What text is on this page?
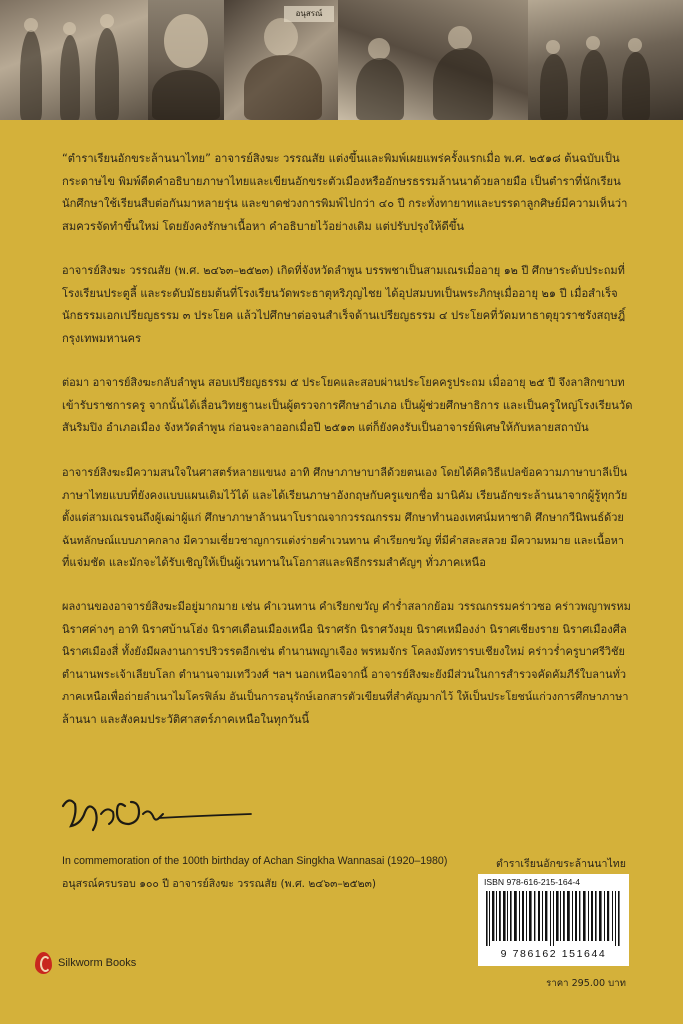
อนุสรณ์
“ตำราเรียนอักขระล้านนาไทย” อาจารย์สิงฆะ วรรณสัย แต่งขึ้นและพิมพ์เผยแพร่ครั้งแรกเมื่อ พ.ศ. ๒๕๑๘ ต้นฉบับเป็น
กระดาษไข พิมพ์ดีดคำอธิบายภาษาไทยและเขียนอักขระตัวเมืองหรืออักษรธรรมล้านนาด้วยลายมือ เป็นตำราที่นักเรียน
นักศึกษาใช้เรียนสืบต่อกันมาหลายรุ่น และขาดช่วงการพิมพ์ไปกว่า ๔๐ ปี กระทั่งทายาทและบรรดาลูกศิษย์มีความเห็นว่า
สมควรจัดทำขึ้นใหม่ โดยยังคงรักษาเนื้อหา คำอธิบายไว้อย่างเดิม แต่ปรับปรุงให้ดีขึ้น
อาจารย์สิงฆะ วรรณสัย (พ.ศ. ๒๔๖๓–๒๕๒๓) เกิดที่จังหวัดลำพูน บรรพชาเป็นสามเณรเมื่ออายุ ๑๒ ปี ศึกษาระดับประถมที่
โรงเรียนประตูลี้ และระดับมัธยมต้นที่โรงเรียนวัดพระธาตุหริภุญไชย ได้อุปสมบทเป็นพระภิกษุเมื่ออายุ ๒๑ ปี เมื่อสำเร็จ
นักธรรมเอกเปรียญธรรม ๓ ประโยค แล้วไปศึกษาต่อจนสำเร็จด้านเปรียญธรรม ๔ ประโยคที่วัดมหาธาตุยุวราชรังสฤษฎิ์
กรุงเทพมหานคร
ต่อมา อาจารย์สิงฆะกลับลำพูน สอบเปรียญธรรม ๕ ประโยคและสอบผ่านประโยคครูประถม เมื่ออายุ ๒๕ ปี จึงลาสิกขาบท
เข้ารับราชการครู จากนั้นได้เลื่อนวิทยฐานะเป็นผู้ตรวจการศึกษาอำเภอ เป็นผู้ช่วยศึกษาธิการ และเป็นครูใหญ่โรงเรียนวัด
สันริมปิง อำเภอเมือง จังหวัดลำพูน ก่อนจะลาออกเมื่อปี ๒๕๑๓ แต่ก็ยังคงรับเป็นอาจารย์พิเศษให้กับหลายสถาบัน
อาจารย์สิงฆะมีความสนใจในศาสตร์หลายแขนง อาทิ ศึกษาภาษาบาลีด้วยตนเอง โดยได้คิดวิธีแปลข้อความภาษาบาลีเป็น
ภาษาไทยแบบที่ยังคงแบบแผนเดิมไว้ได้ และได้เรียนภาษาอังกฤษกับครูแขกชื่อ มานิคัม เรียนอักขระล้านนาจากผู้รู้ทุกวัย
ตั้งแต่สามเณรจนถึงผู้เฒ่าผู้แก่ ศึกษาภาษาล้านนาโบราณจากวรรณกรรม ศึกษาทำนองเทศน์มหาชาติ ศึกษากวีนิพนธ์ด้วย
ฉันทลักษณ์แบบภาคกลาง มีความเชี่ยวชาญการแต่งร่ายคำเวนทาน คำเรียกขวัญ ที่มีคำสละสลวย มีความหมาย และเนื้อหา
ที่แจ่มชัด และมักจะได้รับเชิญให้เป็นผู้เวนทานในโอกาสและพิธีกรรมสำคัญๆ ทั่วภาคเหนือ
ผลงานของอาจารย์สิงฆะมีอยู่มากมาย เช่น คำเวนทาน คำเรียกขวัญ คำร่ำสลากย้อม วรรณกรรมคร่าวซอ คร่าวพญาพรหม
นิราศค่างๆ อาทิ นิราศบ้านโฮ่ง นิราศเดือนเมืองเหนือ นิราศรัก นิราศวังมุย นิราศเหมืองง่า นิราศเชียงราย นิราศเมืองศีล
นิราศเมืองสี่ ทั้งยังมีผลงานการปริวรรตอีกเช่น ตำนานพญาเจือง พรหมจักร โคลงมังทรารบเชียงใหม่ คร่าวร่ำครูบาศรีวิชัย
ตำนานพระเจ้าเลียบโลก ตำนานจามเทวีวงศ์ ฯลฯ นอกเหนือจากนี้ อาจารย์สิงฆะยังมีส่วนในการสำรวจคัดคัมภีร์ใบลานทั่ว
ภาคเหนือเพื่อถ่ายลำเนาไมโครฟิล์ม อันเป็นการอนุรักษ์เอกสารตัวเขียนที่สำคัญมากไว้ ให้เป็นประโยชน์แก่วงการศึกษาภาษา
ล้านนา และสังคมประวัติศาสตร์ภาคเหนือในทุกวันนี้
In commemoration of the 100th birthday of Achan Singkha Wannasai (1920–1980)
อนุสรณ์ครบรอบ ๑๐๐ ปี อาจารย์สิงฆะ วรรณสัย (พ.ศ. ๒๔๖๓–๒๕๒๓)
ตำราเรียนอักขระล้านนาไทย
ISBN 978-616-215-164-4
9 786162 151644
ราคา 295.00 บาท
Silkworm Books
